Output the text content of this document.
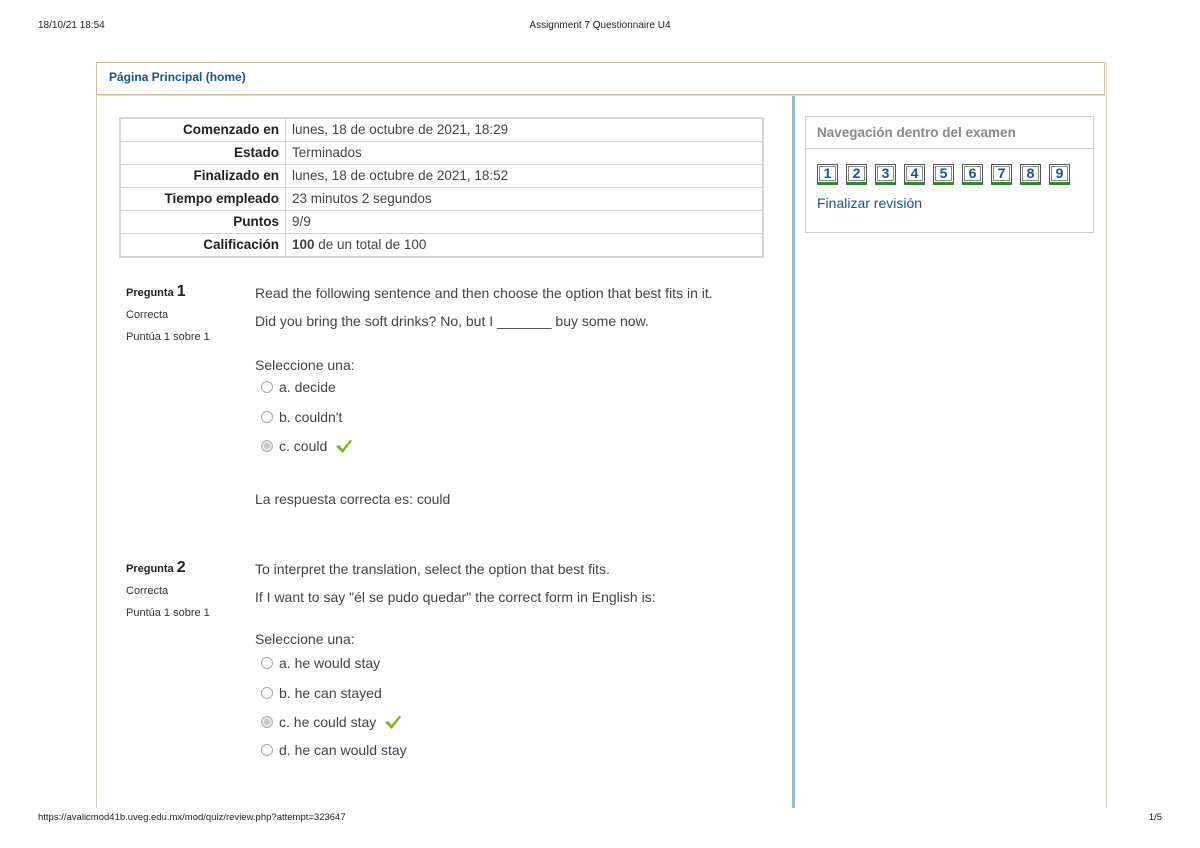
18/10/21 18:54	Assignment 7 Questionnaire U4
Página Principal (home)
Comenzado en	lunes, 18 de octubre de 2021, 18:29
Estado	Terminados
Finalizado en	lunes, 18 de octubre de 2021, 18:52
Tiempo empleado	23 minutos 2 segundos
Puntos	9/9
Calificación	100 de un total de 100
Pregunta 1
Correcta
Puntúa 1 sobre 1
Read the following sentence and then choose the option that best fits in it.
Did you bring the soft drinks? No, but I _______ buy some now.
Seleccione una:
a. decide
b. couldn't
c. could
La respuesta correcta es: could
Pregunta 2
Correcta
Puntúa 1 sobre 1
To interpret the translation, select the option that best fits.
If I want to say "él se pudo quedar" the correct form in English is:
Seleccione una:
a. he would stay
b. he can stayed
c. he could stay
d. he can would stay
Navegación dentro del examen
1	2	3	4	5	6	7	8	9
Finalizar revisión
https://avalicmod41b.uveg.edu.mx/mod/quiz/review.php?attempt=323647	1/5
